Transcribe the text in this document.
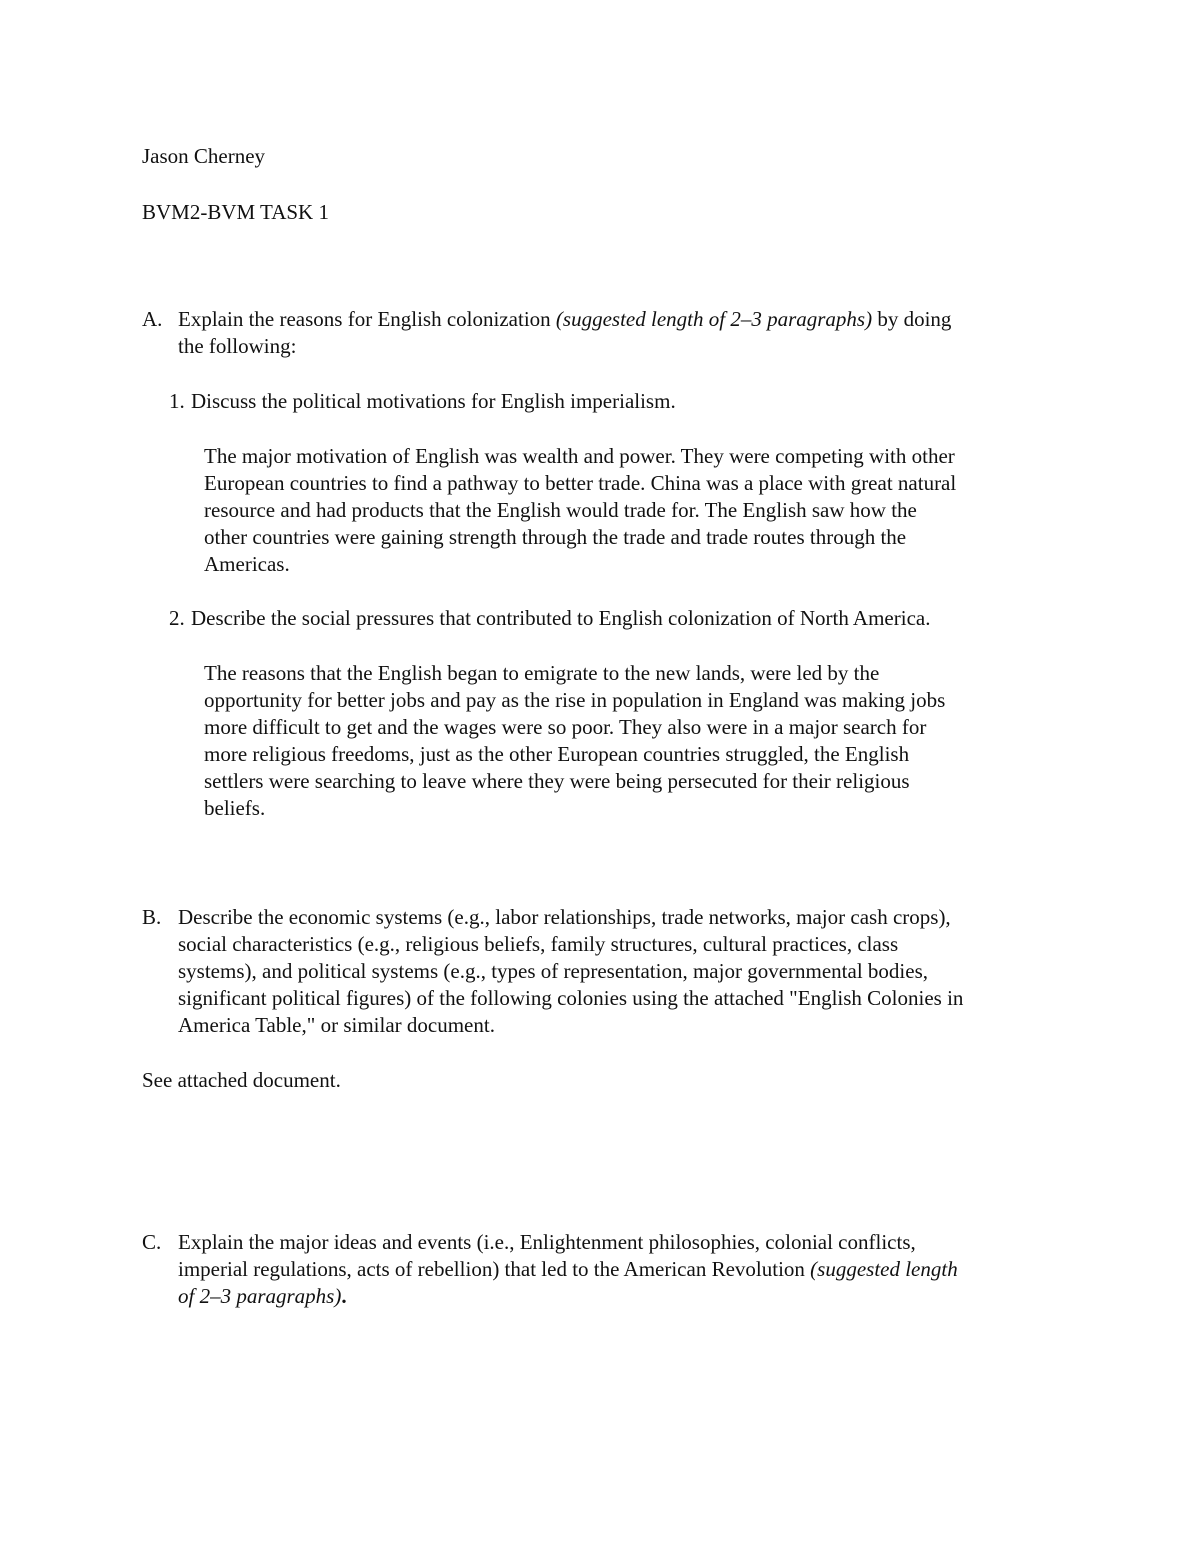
Jason Cherney
BVM2-BVM TASK 1
A. Explain the reasons for English colonization (suggested length of 2–3 paragraphs) by doing
the following:
1. Discuss the political motivations for English imperialism.
The major motivation of English was wealth and power. They were competing with other
European countries to find a pathway to better trade. China was a place with great natural
resource and had products that the English would trade for. The English saw how the
other countries were gaining strength through the trade and trade routes through the
Americas.
2. Describe the social pressures that contributed to English colonization of North America.
The reasons that the English began to emigrate to the new lands, were led by the
opportunity for better jobs and pay as the rise in population in England was making jobs
more difficult to get and the wages were so poor. They also were in a major search for
more religious freedoms, just as the other European countries struggled, the English
settlers were searching to leave where they were being persecuted for their religious
beliefs.
B. Describe the economic systems (e.g., labor relationships, trade networks, major cash crops),
social characteristics (e.g., religious beliefs, family structures, cultural practices, class
systems), and political systems (e.g., types of representation, major governmental bodies,
significant political figures) of the following colonies using the attached "English Colonies in
America Table," or similar document.
See attached document.
C. Explain the major ideas and events (i.e., Enlightenment philosophies, colonial conflicts,
imperial regulations, acts of rebellion) that led to the American Revolution (suggested length
of 2–3 paragraphs).
